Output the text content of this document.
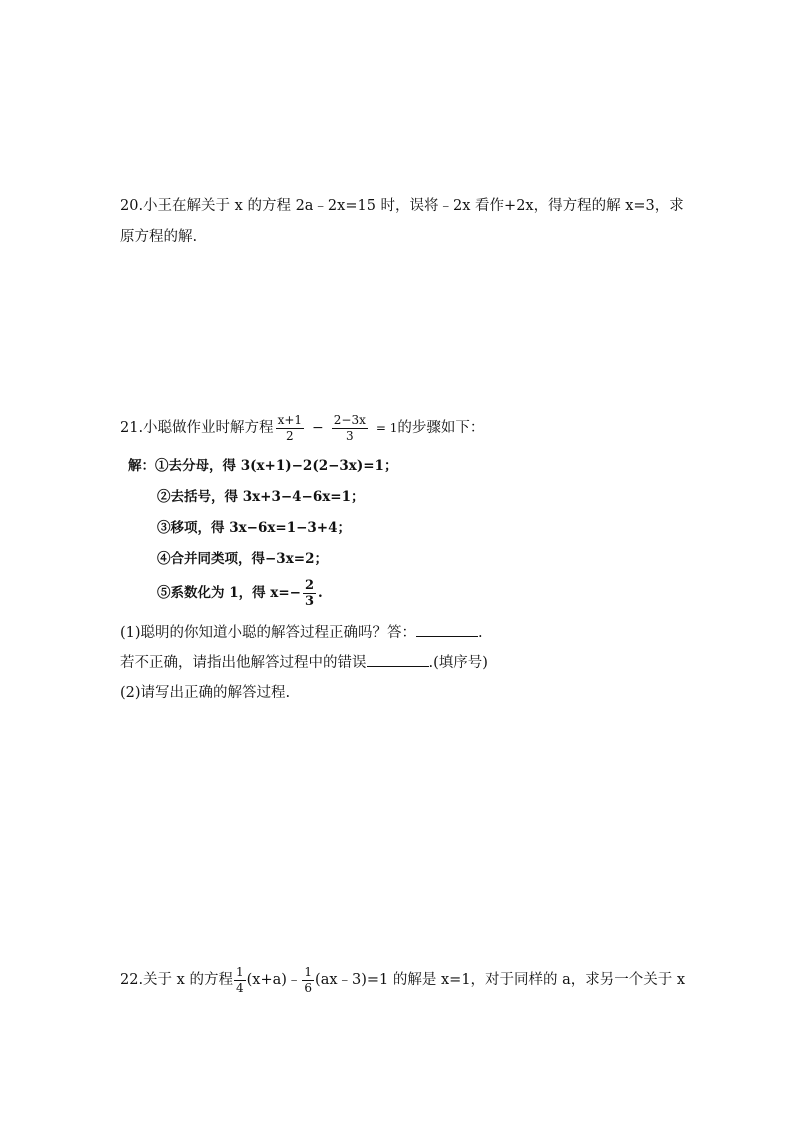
20.小王在解关于 x 的方程 2a﹣2x=15 时，误将﹣2x 看作+2x，得方程的解 x=3，求
原方程的解.
21.小聪做作业时解方程 $\frac{x+1}{2} - \frac{2-3x}{3} = 1$ 的步骤如下：
解：①去分母，得 3(x+1)−2(2−3x)=1；
②去括号，得 3x+3−4−6x=1；
③移项，得 3x−6x=1−3+4；
④合并同类项，得−3x=2；
⑤系数化为 1，得 $x=- \frac{2}{3}$ .
(1)聪明的你知道小聪的解答过程正确吗？答：	.
若不正确，请指出他解答过程中的错误	.(填序号)
(2)请写出正确的解答过程.
22.关于 x 的方程 $\frac{1}{4}$ (x+a)﹣ $\frac{1}{6}$ (ax﹣3)=1 的解是 x=1，对于同样的 a，求另一个关于 x
